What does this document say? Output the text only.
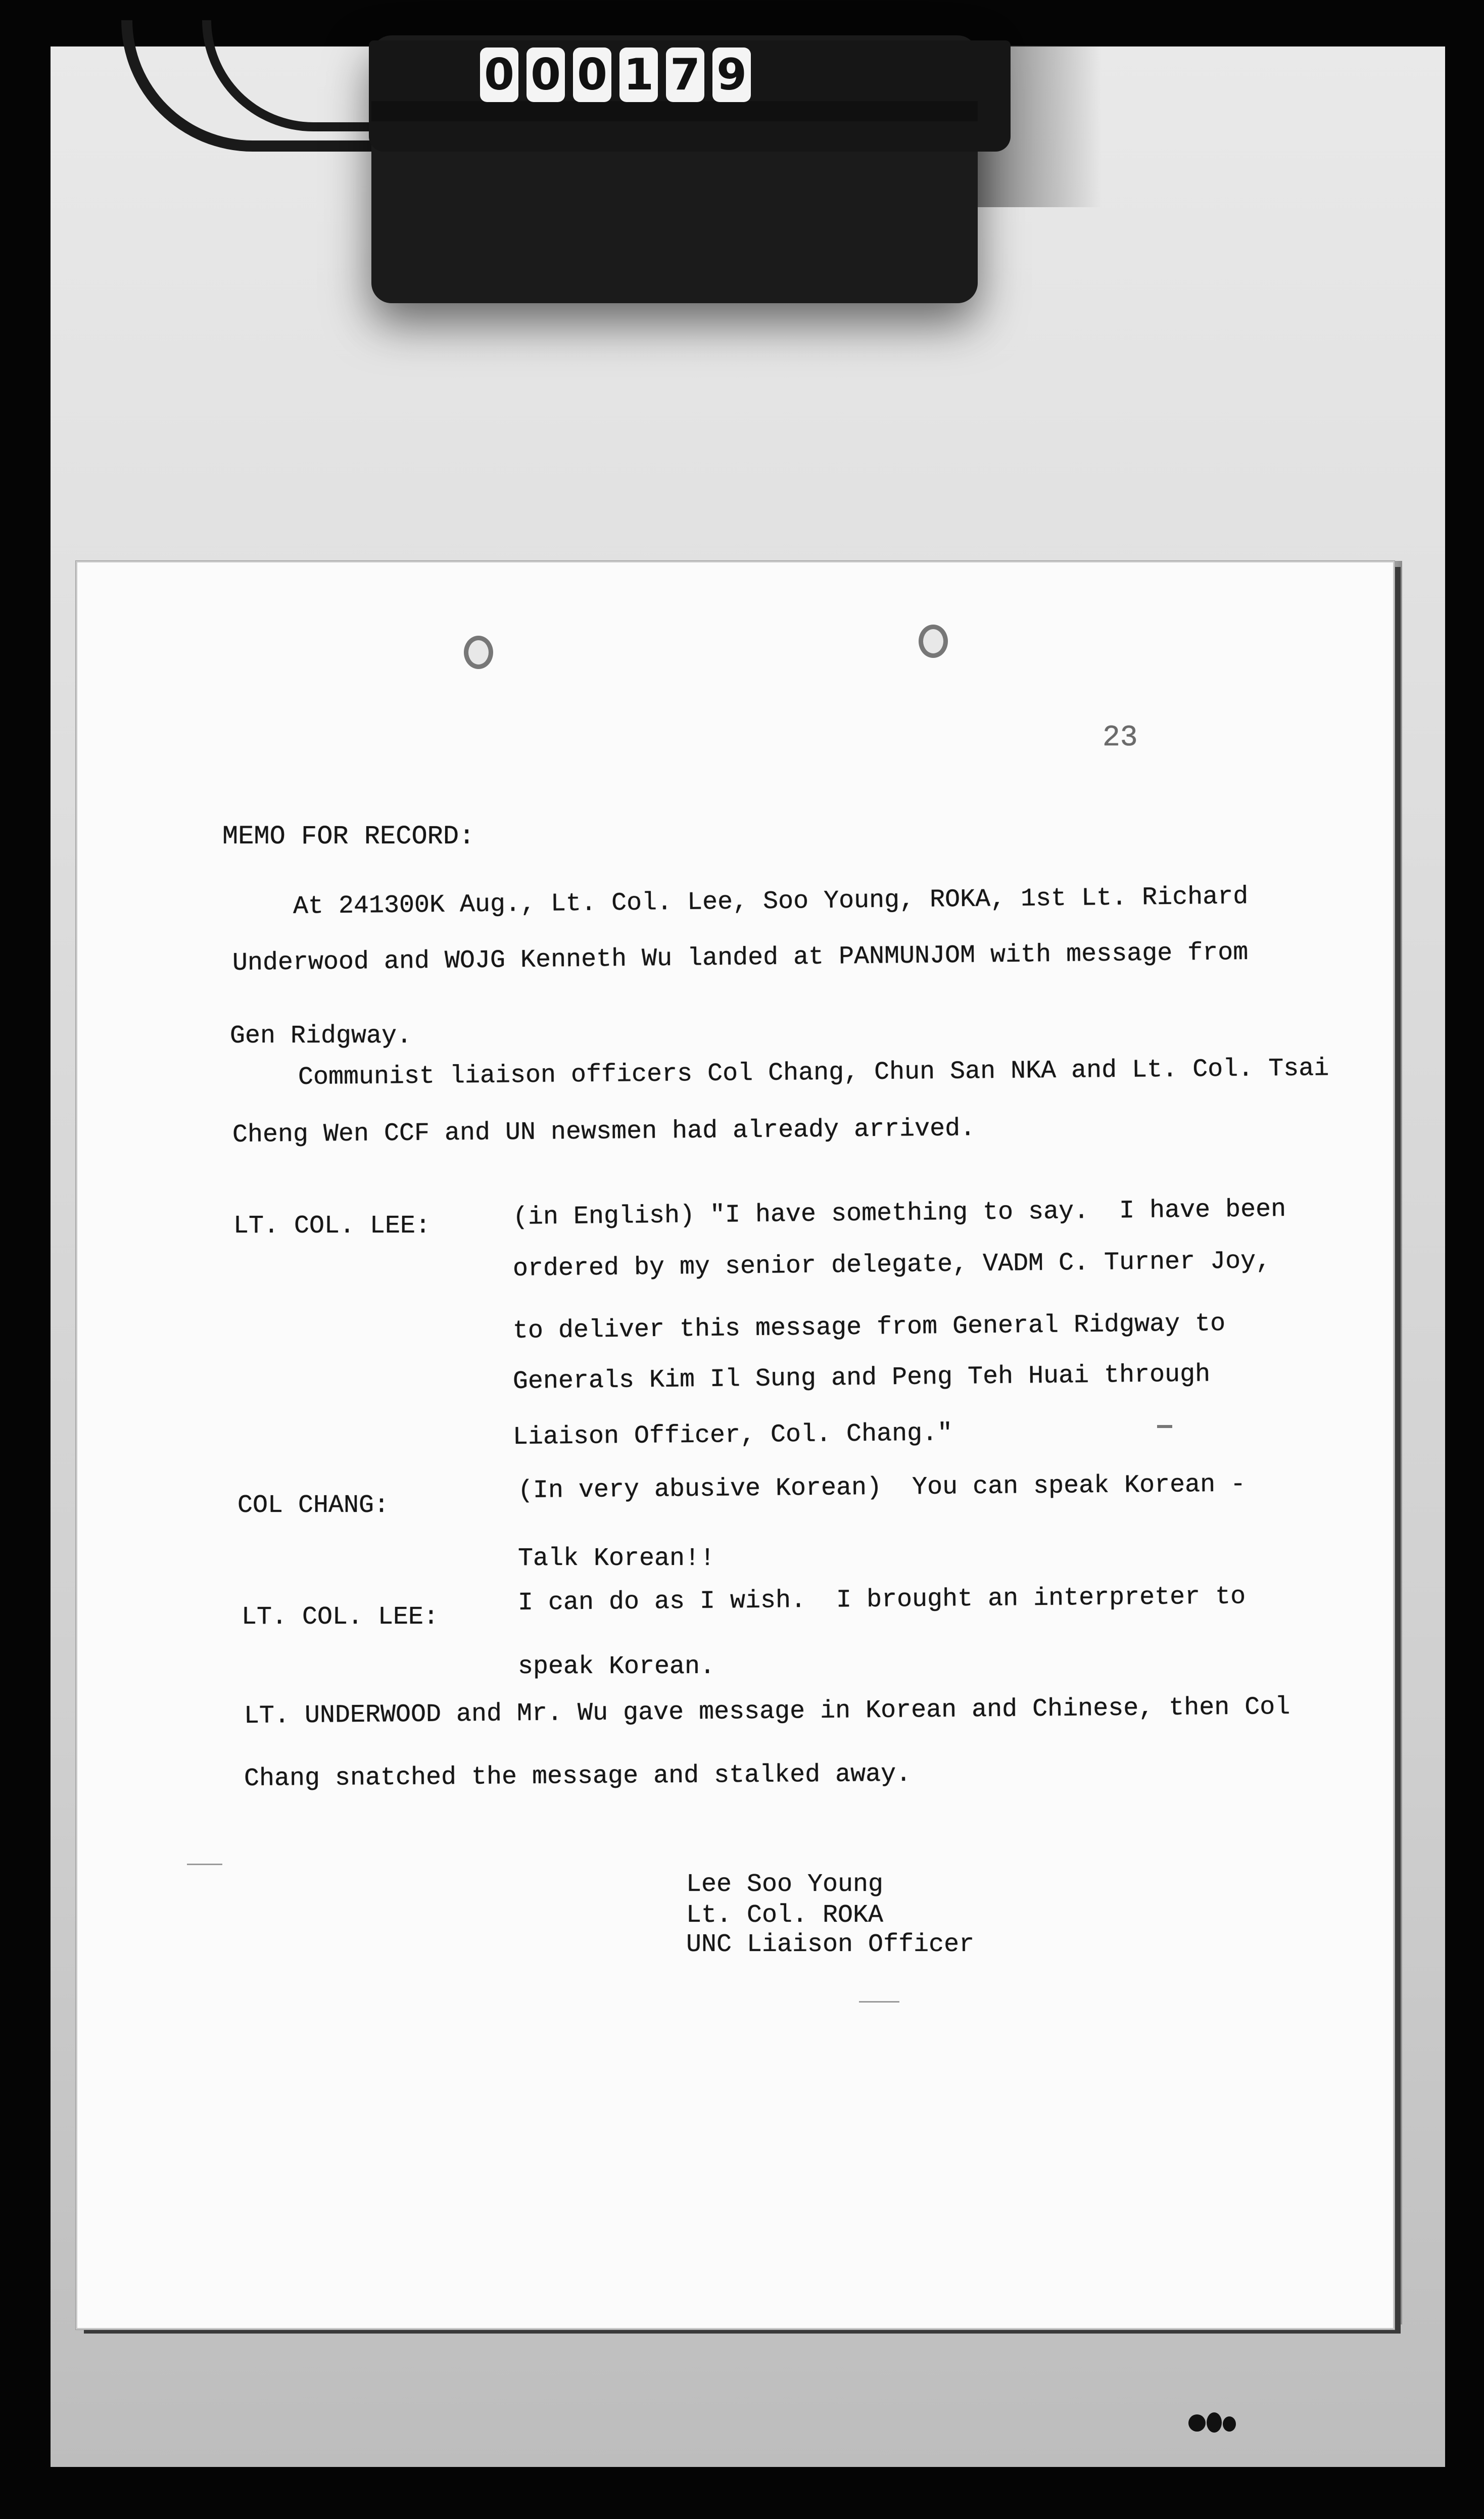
0 0 0 1 7 9
23
MEMO FOR RECORD:
At 241300K Aug., Lt. Col. Lee, Soo Young, ROKA, 1st Lt. Richard
Underwood and WOJG Kenneth Wu landed at PANMUNJOM with message from
Gen Ridgway.
Communist liaison officers Col Chang, Chun San NKA and Lt. Col. Tsai
Cheng Wen CCF and UN newsmen had already arrived.
LT. COL. LEE:	(in English) "I have something to say.  I have been
ordered by my senior delegate, VADM C. Turner Joy,
to deliver this message from General Ridgway to
Generals Kim Il Sung and Peng Teh Huai through
Liaison Officer, Col. Chang."
COL CHANG:
(In very abusive Korean)  You can speak Korean -
Talk Korean!!
LT. COL. LEE:	I can do as I wish.  I brought an interpreter to
speak Korean.
LT. UNDERWOOD and Mr. Wu gave message in Korean and Chinese, then Col
Chang snatched the message and stalked away.
Lee Soo Young
Lt. Col. ROKA
UNC Liaison Officer
